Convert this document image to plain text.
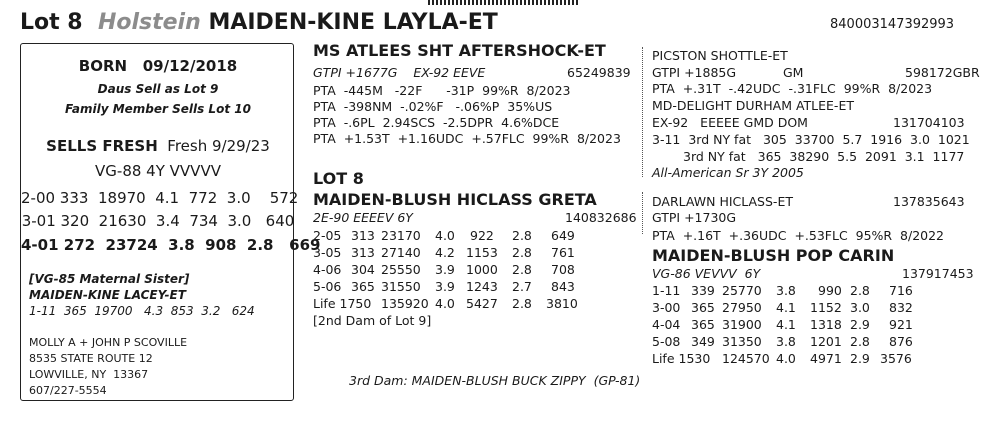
Lot 8 Holstein MAIDEN-KINE LAYLA-ET	840003147392993
BORN   09/12/2018
Daus Sell as Lot 9
Family Member Sells Lot 10
SELLS FRESH Fresh 9/29/23
VG-88 4Y VVVVV
2-00 333  18970  4.1  772  3.0    572
3-01 320  21630  3.4  734  3.0   640
4-01 272  23724  3.8  908  2.8   669
[VG-85 Maternal Sister]
MAIDEN-KINE LACEY-ET
1-11  365  19700   4.3  853  3.2   624
MOLLY A + JOHN P SCOVILLE
8535 STATE ROUTE 12
LOWVILLE, NY  13367
607/227-5554
MS ATLEES SHT AFTERSHOCK-ET
GTPI +1677G    EX-92 EEVE	65249839
PTA  -445M   -22F      -31P  99%R  8/2023
PTA  -398NM  -.02%F   -.06%P  35%US
PTA  -.6PL  2.94SCS  -2.5DPR  4.6%DCE
PTA  +1.53T  +1.16UDC  +.57FLC  99%R  8/2023
LOT 8
MAIDEN-BLUSH HICLASS GRETA
2E-90 EEEEV 6Y	140832686
2-05 313 23170 4.0 922 2.8 649
3-05 313 27140 4.2 1153 2.8 761
4-06 304 25550 3.9 1000 2.8 708
5-06 365 31550 3.9 1243 2.7 843
Life 1750 135920 4.0 5427 2.8 3810
[2nd Dam of Lot 9]
3rd Dam: MAIDEN-BLUSH BUCK ZIPPY  (GP-81)
PICSTON SHOTTLE-ET
GTPI +1885G	GM	598172GBR
PTA  +.31T  -.42UDC  -.31FLC  99%R  8/2023
MD-DELIGHT DURHAM ATLEE-ET
EX-92   EEEEE GMD DOM	131704103
3-11  3rd NY fat   305  33700  5.7  1916  3.0  1021
3rd NY fat   365  38290  5.5  2091  3.1  1177
All-American Sr 3Y 2005
DARLAWN HICLASS-ET	137835643
GTPI +1730G
PTA  +.16T  +.36UDC  +.53FLC  95%R  8/2022
MAIDEN-BLUSH POP CARIN
VG-86 VEVVV  6Y	137917453
1-11 339 25770 3.8 990 2.8 716
3-00 365 27950 4.1 1152 3.0 832
4-04 365 31900 4.1 1318 2.9 921
5-08 349 31350 3.8 1201 2.8 876
Life 1530 124570 4.0 4971 2.9 3576
